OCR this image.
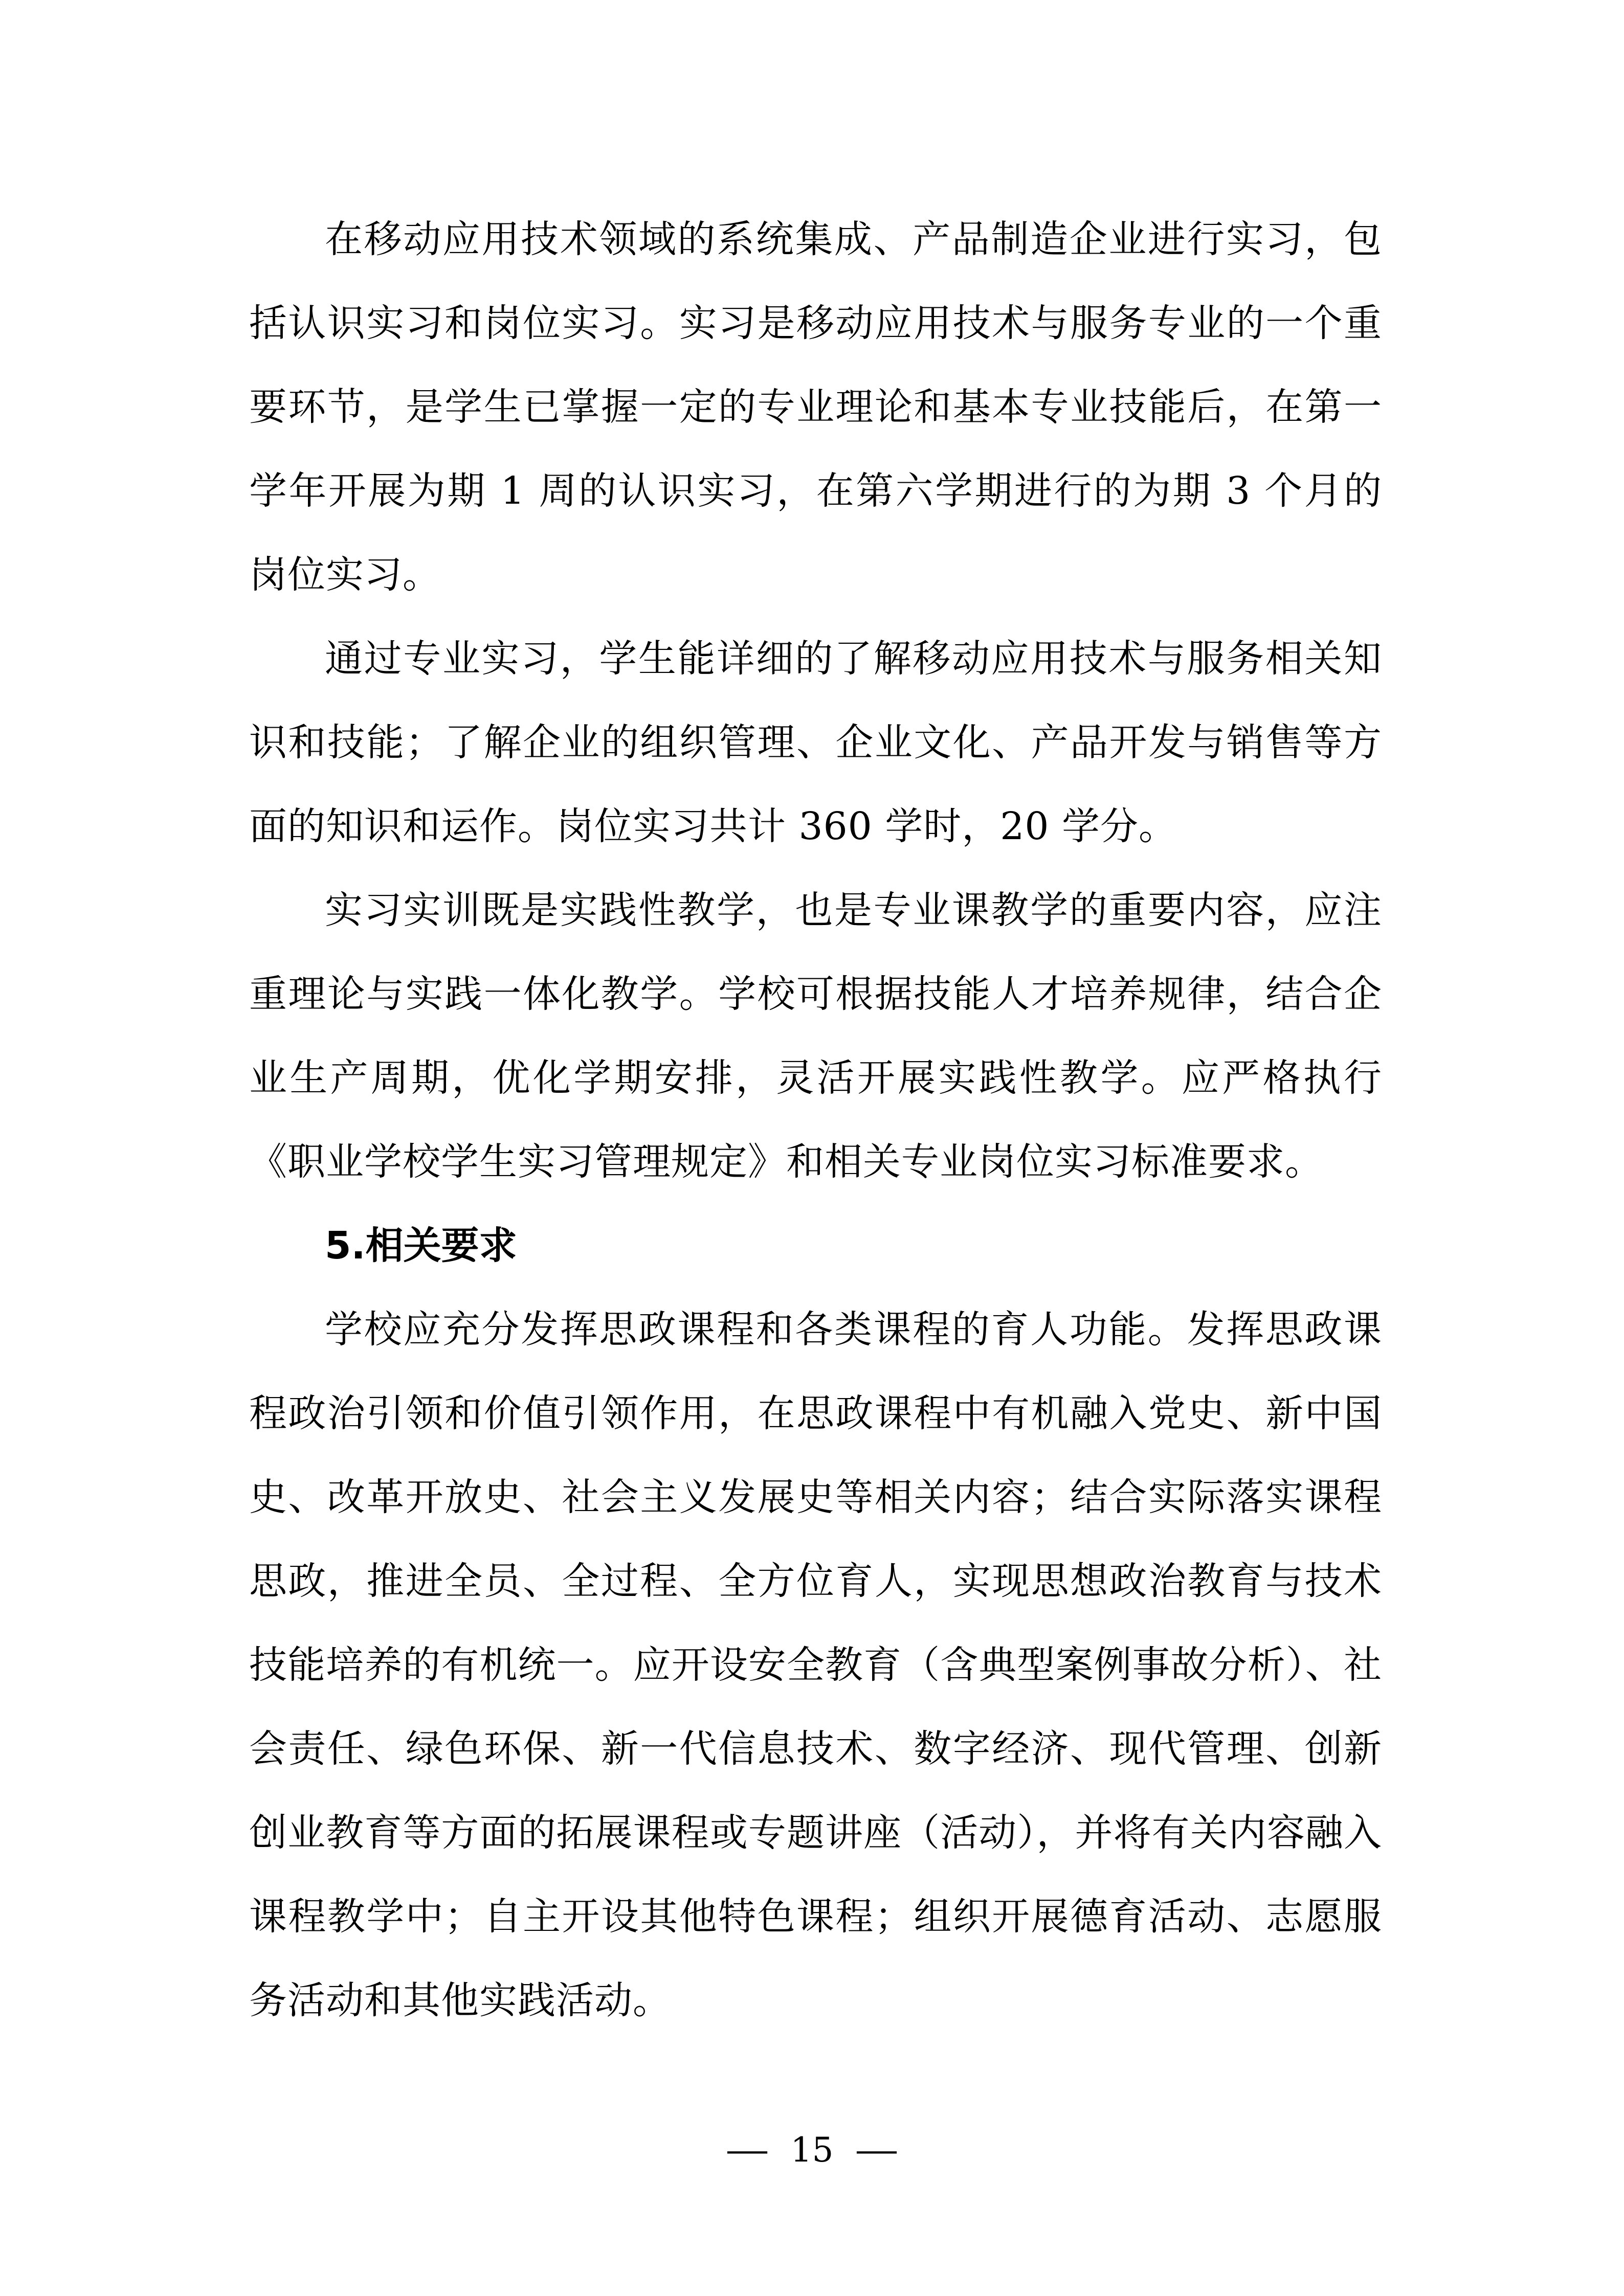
在移动应用技术领域的系统集成、产品制造企业进行实习，包括认识实习和岗位实习。实习是移动应用技术与服务专业的一个重要环节，是学生已掌握一定的专业理论和基本专业技能后，在第一学年开展为期 1 周的认识实习，在第六学期进行的为期 3 个月的岗位实习。

通过专业实习，学生能详细的了解移动应用技术与服务相关知识和技能；了解企业的组织管理、企业文化、产品开发与销售等方面的知识和运作。岗位实习共计 360 学时，20 学分。

实习实训既是实践性教学，也是专业课教学的重要内容，应注重理论与实践一体化教学。学校可根据技能人才培养规律，结合企业生产周期，优化学期安排，灵活开展实践性教学。应严格执行《职业学校学生实习管理规定》和相关专业岗位实习标准要求。

5.相关要求

学校应充分发挥思政课程和各类课程的育人功能。发挥思政课程政治引领和价值引领作用，在思政课程中有机融入党史、新中国史、改革开放史、社会主义发展史等相关内容；结合实际落实课程思政，推进全员、全过程、全方位育人，实现思想政治教育与技术技能培养的有机统一。应开设安全教育（含典型案例事故分析）、社会责任、绿色环保、新一代信息技术、数字经济、现代管理、创新创业教育等方面的拓展课程或专题讲座（活动），并将有关内容融入课程教学中；自主开设其他特色课程；组织开展德育活动、志愿服务活动和其他实践活动。

— 15 —
